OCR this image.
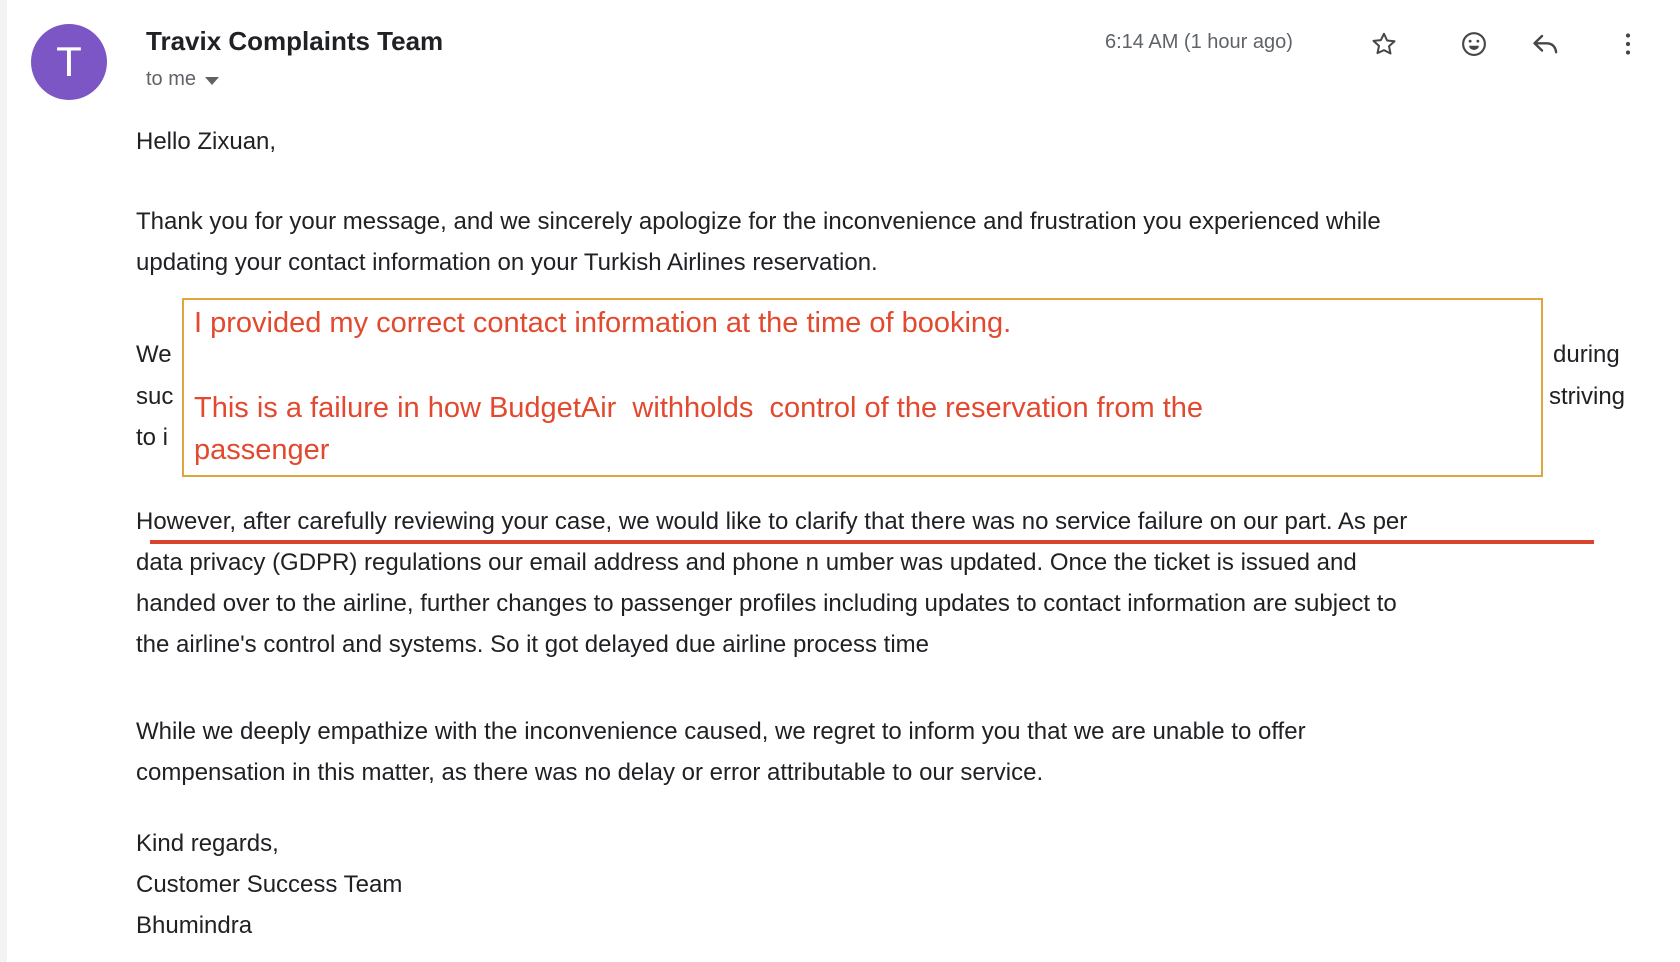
T Travix Complaints Team
to me
6:14 AM (1 hour ago)
Hello Zixuan,
Thank you for your message, and we sincerely apologize for the inconvenience and frustration you experienced while
updating your contact information on your Turkish Airlines reservation.
We	during
suc	striving
to i
I provided my correct contact information at the time of booking.
This is a failure in how BudgetAir  withholds  control of the reservation from the
passenger
However, after carefully reviewing your case, we would like to clarify that there was no service failure on our part. As per
data privacy (GDPR) regulations our email address and phone n umber was updated. Once the ticket is issued and
handed over to the airline, further changes to passenger profiles including updates to contact information are subject to
the airline's control and systems. So it got delayed due airline process time
While we deeply empathize with the inconvenience caused, we regret to inform you that we are unable to offer
compensation in this matter, as there was no delay or error attributable to our service.
Kind regards,
Customer Success Team
Bhumindra
